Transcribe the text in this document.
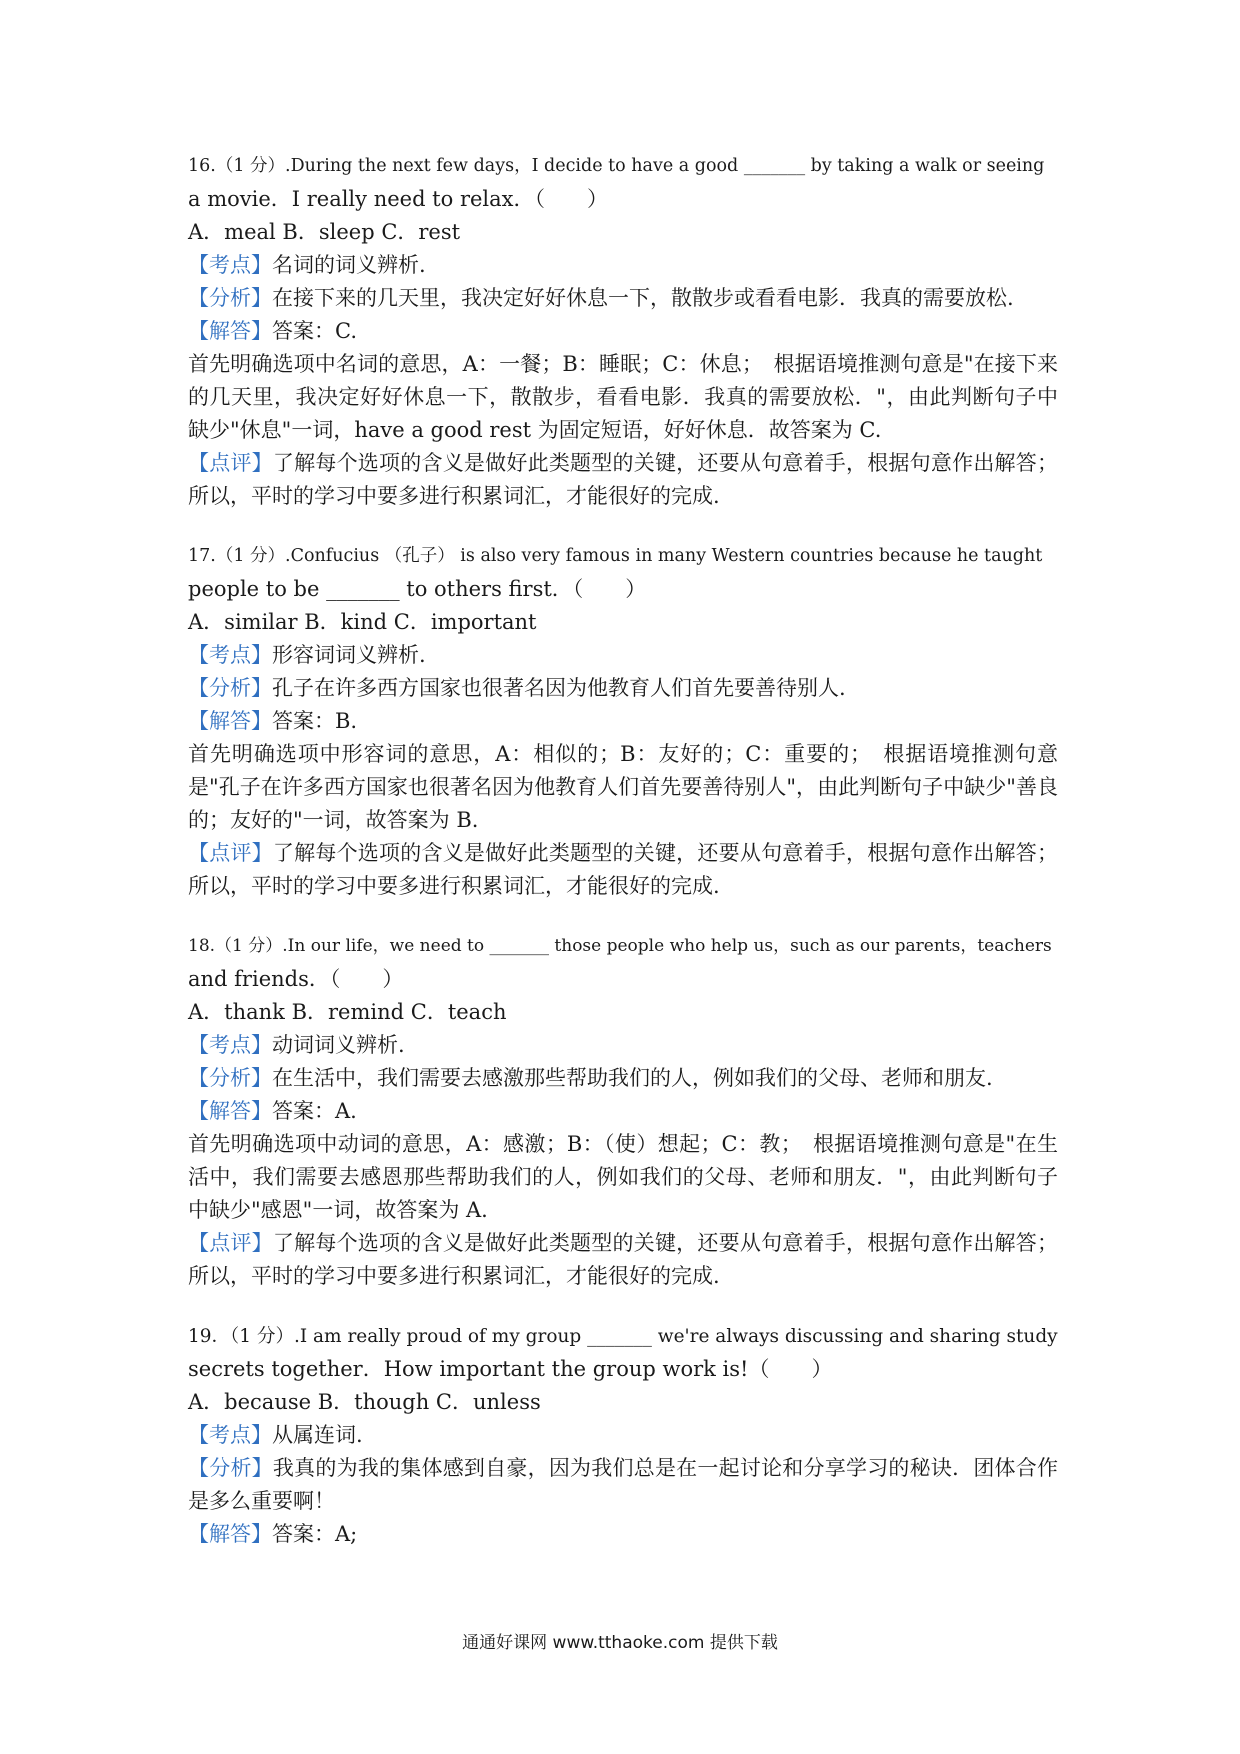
16.（1 分）.During the next few days，I decide to have a good _______ by taking a walk or seeing
a movie．I really need to relax．（　　）
A．meal B．sleep C．rest
【考点】名词的词义辨析.
【分析】在接下来的几天里，我决定好好休息一下，散散步或看看电影．我真的需要放松.
【解答】答案：C.
首先明确选项中名词的意思，A：一餐；B：睡眠；C：休息；　根据语境推测句意是"在接下来的几天里，我决定好好休息一下，散散步，看看电影．我真的需要放松．"，由此判断句子中缺少"休息"一词，have a good rest 为固定短语，好好休息．故答案为 C.
【点评】了解每个选项的含义是做好此类题型的关键，还要从句意着手，根据句意作出解答；所以，平时的学习中要多进行积累词汇，才能很好的完成.
17.（1 分）.Confucius （孔子） is also very famous in many Western countries because he taught
people to be _______ to others first．（　　）
A．similar B．kind C．important
【考点】形容词词义辨析.
【分析】孔子在许多西方国家也很著名因为他教育人们首先要善待别人.
【解答】答案：B.
首先明确选项中形容词的意思，A：相似的；B：友好的；C：重要的；　根据语境推测句意是"孔子在许多西方国家也很著名因为他教育人们首先要善待别人"，由此判断句子中缺少"善良的；友好的"一词，故答案为 B.
【点评】了解每个选项的含义是做好此类题型的关键，还要从句意着手，根据句意作出解答；所以，平时的学习中要多进行积累词汇，才能很好的完成.
18.（1 分）.In our life，we need to _______ those people who help us，such as our parents，teachers
and friends．（　　）
A．thank B．remind C．teach
【考点】动词词义辨析.
【分析】在生活中，我们需要去感激那些帮助我们的人，例如我们的父母、老师和朋友.
【解答】答案：A.
首先明确选项中动词的意思，A：感激；B：（使）想起；C：教；　根据语境推测句意是"在生活中，我们需要去感恩那些帮助我们的人，例如我们的父母、老师和朋友．"，由此判断句子中缺少"感恩"一词，故答案为 A.
【点评】了解每个选项的含义是做好此类题型的关键，还要从句意着手，根据句意作出解答；所以，平时的学习中要多进行积累词汇，才能很好的完成.
19．（1 分）.I am really proud of my group _______ we're always discussing and sharing study
secrets together．How important the group work is!（　　）
A．because B．though C．unless
【考点】从属连词.
【分析】我真的为我的集体感到自豪，因为我们总是在一起讨论和分享学习的秘诀．团体合作是多么重要啊！
【解答】答案：A;
通通好课网 www.tthaoke.com 提供下载
